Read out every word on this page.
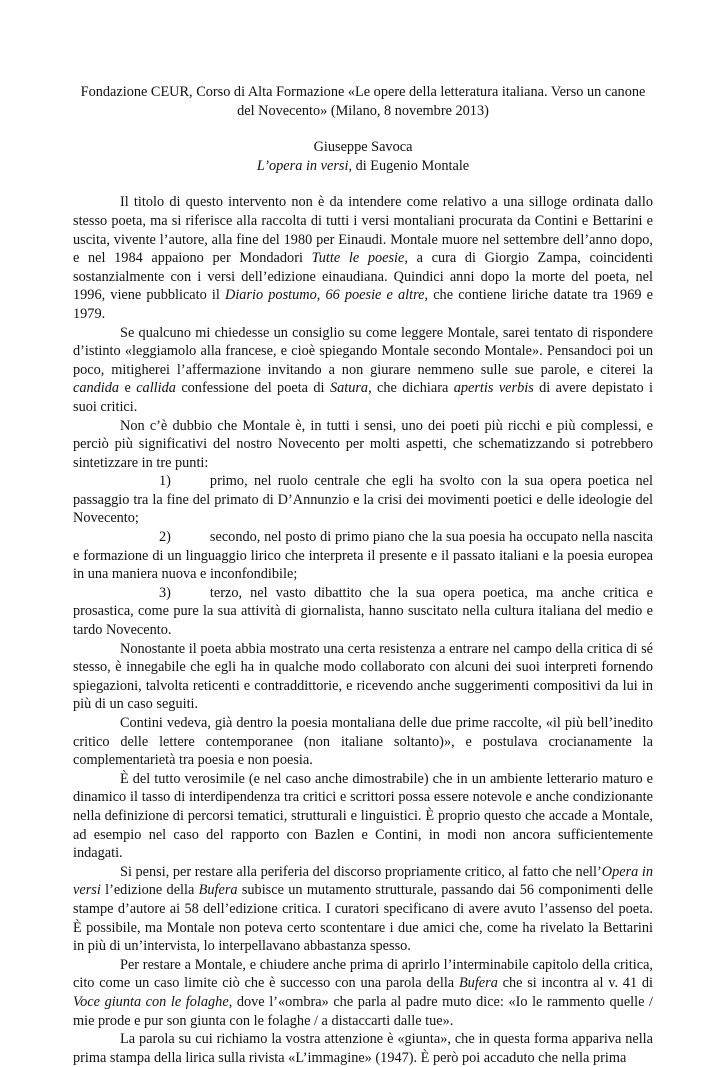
Fondazione CEUR, Corso di Alta Formazione «Le opere della letteratura italiana. Verso un canone
del Novecento» (Milano, 8 novembre 2013)
Giuseppe Savoca
L’opera in versi, di Eugenio Montale

Il titolo di questo intervento non è da intendere come relativo a una silloge ordinata dallo stesso poeta, ma si riferisce alla raccolta di tutti i versi montaliani procurata da Contini e Bettarini e uscita, vivente l’autore, alla fine del 1980 per Einaudi. Montale muore nel settembre dell’anno dopo, e nel 1984 appaiono per Mondadori Tutte le poesie, a cura di Giorgio Zampa, coincidenti sostanzialmente con i versi dell’edizione einaudiana. Quindici anni dopo la morte del poeta, nel 1996, viene pubblicato il Diario postumo, 66 poesie e altre, che contiene liriche datate tra 1969 e 1979.

Se qualcuno mi chiedesse un consiglio su come leggere Montale, sarei tentato di rispondere d’istinto «leggiamolo alla francese, e cioè spiegando Montale secondo Montale». Pensandoci poi un poco, mitigherei l’affermazione invitando a non giurare nemmeno sulle sue parole, e citerei la candida e callida confessione del poeta di Satura, che dichiara apertis verbis di avere depistato i suoi critici.

Non c’è dubbio che Montale è, in tutti i sensi, uno dei poeti più ricchi e più complessi, e perciò più significativi del nostro Novecento per molti aspetti, che schematizzando si potrebbero sintetizzare in tre punti:

1)	primo, nel ruolo centrale che egli ha svolto con la sua opera poetica nel passaggio tra la fine del primato di D’Annunzio e la crisi dei movimenti poetici e delle ideologie del Novecento;
2)	secondo, nel posto di primo piano che la sua poesia ha occupato nella nascita e formazione di un linguaggio lirico che interpreta il presente e il passato italiani e la poesia europea in una maniera nuova e inconfondibile;
3)	terzo, nel vasto dibattito che la sua opera poetica, ma anche critica e prosastica, come pure la sua attività di giornalista, hanno suscitato nella cultura italiana del medio e tardo Novecento.

Nonostante il poeta abbia mostrato una certa resistenza a entrare nel campo della critica di sé stesso, è innegabile che egli ha in qualche modo collaborato con alcuni dei suoi interpreti fornendo spiegazioni, talvolta reticenti e contraddittorie, e ricevendo anche suggerimenti compositivi da lui in più di un caso seguiti.

Contini vedeva, già dentro la poesia montaliana delle due prime raccolte, «il più bell’inedito critico delle lettere contemporanee (non italiane soltanto)», e postulava crocianamente la complementarietà tra poesia e non poesia.

È del tutto verosimile (e nel caso anche dimostrabile) che in un ambiente letterario maturo e dinamico il tasso di interdipendenza tra critici e scrittori possa essere notevole e anche condizionante nella definizione di percorsi tematici, strutturali e linguistici. È proprio questo che accade a Montale, ad esempio nel caso del rapporto con Bazlen e Contini, in modi non ancora sufficientemente indagati.

Si pensi, per restare alla periferia del discorso propriamente critico, al fatto che nell’Opera in versi l’edizione della Bufera subisce un mutamento strutturale, passando dai 56 componimenti delle stampe d’autore ai 58 dell’edizione critica. I curatori specificano di avere avuto l’assenso del poeta. È possibile, ma Montale non poteva certo scontentare i due amici che, come ha rivelato la Bettarini in più di un’intervista, lo interpellavano abbastanza spesso.

Per restare a Montale, e chiudere anche prima di aprirlo l’interminabile capitolo della critica, cito come un caso limite ciò che è successo con una parola della Bufera che si incontra al v. 41 di Voce giunta con le folaghe, dove l’«ombra» che parla al padre muto dice: «Io le rammento quelle / mie prode e pur son giunta con le folaghe / a distaccarti dalle tue».

La parola su cui richiamo la vostra attenzione è «giunta», che in questa forma appariva nella prima stampa della lirica sulla rivista «L’immagine» (1947). È però poi accaduto che nella prima
